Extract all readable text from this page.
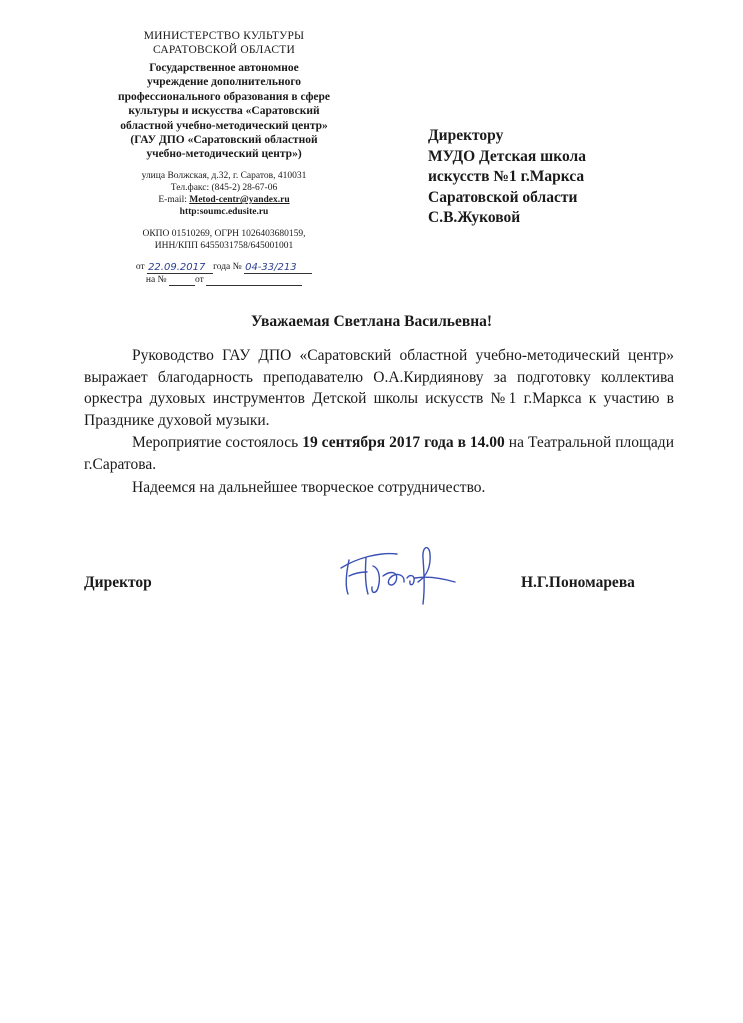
МИНИСТЕРСТВО КУЛЬТУРЫ
САРАТОВСКОЙ ОБЛАСТИ
Государственное автономное
учреждение дополнительного
профессионального образования в сфере
культуры и искусства «Саратовский
областной учебно-методический центр»
(ГАУ ДПО «Саратовский областной
учебно-методический центр»)
улица Волжская, д.32, г. Саратов, 410031
Тел.факс: (845-2) 28-67-06
E-mail: Metod-centr@yandex.ru
http:soumc.edusite.ru
ОКПО 01510269, ОГРН 1026403680159,
ИНН/КПП 6455031758/645001001
от
22.09.2017 года №
04-33/213
на №
	от

Директору
МУДО Детская школа
искусств №1 г.Маркса
Саратовской области
С.В.Жуковой
Уважаемая Светлана Васильевна!

Руководство ГАУ ДПО «Саратовский областной учебно-методический центр» выражает благодарность преподавателю О.А.Кирдиянову за подготовку коллектива оркестра духовых инструментов Детской школы искусств №1 г.Маркса к участию в Празднике духовой музыки.

Мероприятие состоялось 19 сентября 2017 года в 14.00 на Театральной площади г.Саратова.

Надеемся на дальнейшее творческое сотрудничество.

Директор	Н.Г.Пономарева
